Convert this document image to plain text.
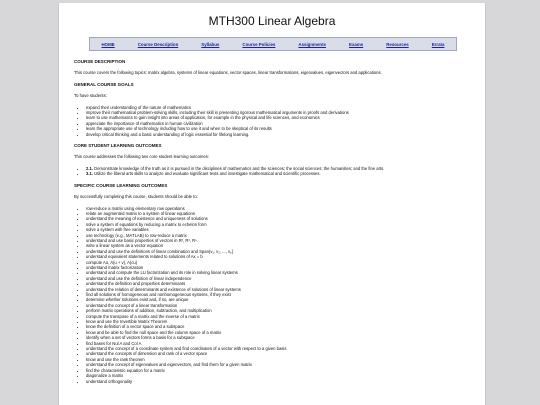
MTH300 Linear Algebra
HOME	Course Description	Syllabus	Course Policies	Assignments	Exams	Resources	Errata
COURSE DESCRIPTION
This course covers the following topics: matrix algebra, systems of linear equations, vector spaces, linear transformations, eigenvalues, eigenvectors and applications.
GENERAL COURSE GOALS
To have students:
• expand their understanding of the nature of mathematics
• improve their mathematical problem-solving skills, including their skill in presenting rigorous mathematical arguments in proofs and derivations
• learn to use mathematics to gain insight into areas of application, for example in the physical and life sciences, and economics
• appreciate the importance of mathematics in human civilization
• learn the appropriate use of technology including how to use it and when to be skeptical of its results
• develop critical thinking and a basic understanding of logic essential for lifelong learning.
CORE STUDENT LEARNING OUTCOMES
This course addresses the following two core student learning outcomes:
• 2.1. Demonstrate knowledge of the truth as it is pursued in the disciplines of mathematics and the sciences; the social sciences; the humanities; and the fine arts.
• 3.1. Utilize the liberal arts skills to analyze and evaluate significant texts and investigate mathematical and scientific processes.
SPECIFIC COURSE LEARNING OUTCOMES
By successfully completing this course, students should be able to:
• row-reduce a matrix using elementary row operations
• relate an augmented matrix to a system of linear equations
• understand the meaning of existence and uniqueness of solutions
• solve a system of equations by reducing a matrix to echelon form
• solve a system with free variables
• use technology (e.g., MATLAB) to row-reduce a matrix
• understand and use basic properties of vectors in R², R³, Rⁿ.
• write a linear system as a vector equation
• understand and use the definitions of linear combination and Span{v₁, v₂, ..., vₚ}
• understand equivalent statements related to solutions of Ax = b
• compute Au, A(u + v), A(cu)
• understand matrix factorization
• understand and compute the LU factorization and its role in solving linear systems
• understand and use the definition of linear independence
• understand the definition and properties determinants
• understand the relation of determinants and existence of solutions of linear systems
• find all solutions of homogeneous and nonhomogeneous systems, if they exist
• determine whether solutions exist and, if so, are unique
• understand the concept of a linear transformation
• perform matrix operations of addition, subtraction, and multiplication
• compute the transpose of a matrix and the inverse of a matrix
• know and use the Invertible Matrix Theorem
• know the definition of a vector space and a subspace
• know and be able to find the null space and the column space of a matrix
• identify when a set of vectors forms a basis for a subspace
• find bases for Nul A and Col A
• understand the concept of a coordinate system and find coordinates of a vector with respect to a given basis
• understand the concepts of dimension and rank of a vector space
• know and use the rank theorem
• understand the concept of eigenvalues and eigenvectors, and find them for a given matrix
• find the characteristic equation for a matrix
• diagonalize a matrix
• understand orthogonality
